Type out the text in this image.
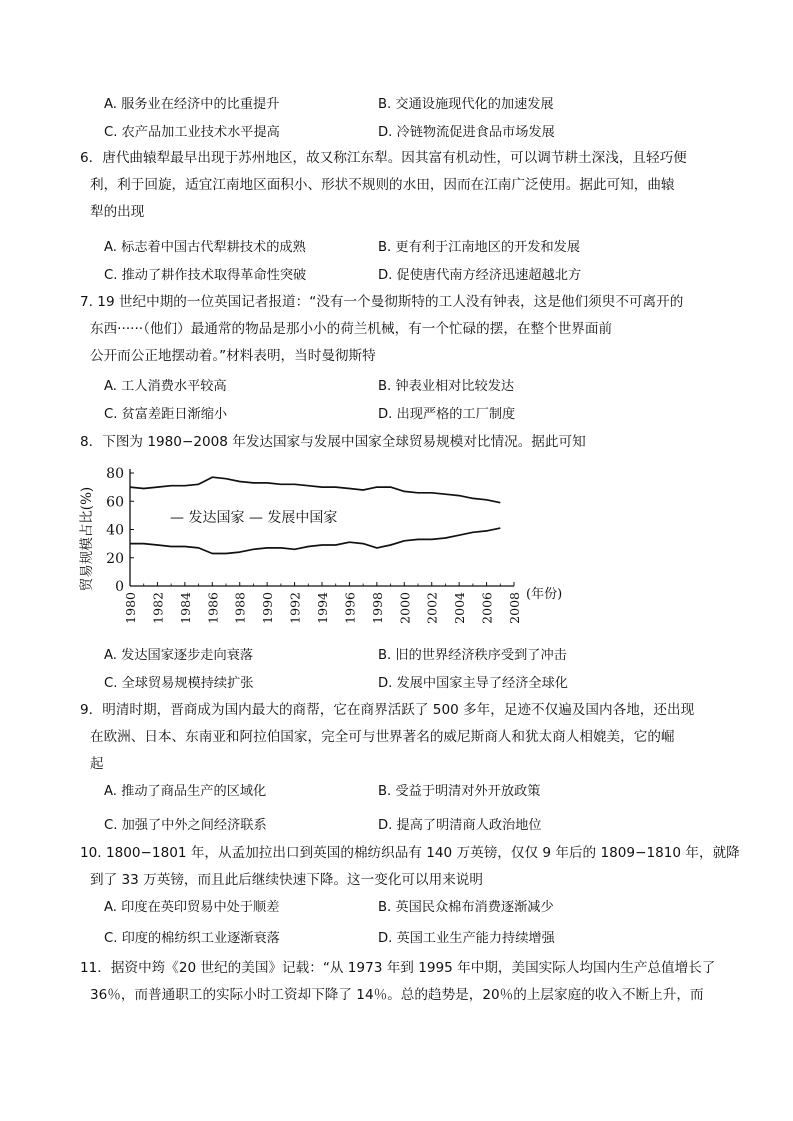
A. 服务业在经济中的比重提升	B. 交通设施现代化的加速发展
C. 农产品加工业技术水平提高	D. 冷链物流促进食品市场发展
6．唐代曲辕犁最早出现于苏州地区，故又称江东犁。因其富有机动性，可以调节耕土深浅，且轻巧便
利，利于回旋，适宜江南地区面积小、形状不规则的水田，因而在江南广泛使用。据此可知，曲辕
犁的出现
A. 标志着中国古代犁耕技术的成熟	B. 更有利于江南地区的开发和发展
C. 推动了耕作技术取得革命性突破	D. 促使唐代南方经济迅速超越北方
7. 19 世纪中期的一位英国记者报道：“没有一个曼彻斯特的工人没有钟表，这是他们须臾不可离开的
东西······（他们）最通常的物品是那小小的荷兰机械，有一个忙碌的摆，在整个世界面前
公开而公正地摆动着。”材料表明，当时曼彻斯特
A. 工人消费水平较高	B. 钟表业相对比较发达
C. 贫富差距日渐缩小	D. 出现严格的工厂制度
8．下图为 1980−2008 年发达国家与发展中国家全球贸易规模对比情况。据此可知
0
20
40
60
80
1980 1982 1984 1986 1988 1990 1992 1994 1996 1998 2000 2002 2004 2006 2008
— 发达国家 — 发展中国家
贸易规模占比(%)
(年份)
A. 发达国家逐步走向衰落	B. 旧的世界经济秩序受到了冲击
C. 全球贸易规模持续扩张	D. 发展中国家主导了经济全球化
9．明清时期，晋商成为国内最大的商帮，它在商界活跃了 500 多年，足迹不仅遍及国内各地，还出现
在欧洲、日本、东南亚和阿拉伯国家，完全可与世界著名的威尼斯商人和犹太商人相媲美，它的崛
起
A. 推动了商品生产的区域化	B. 受益于明清对外开放政策
C. 加强了中外之间经济联系	D. 提高了明清商人政治地位
10. 1800−1801 年，从孟加拉出口到英国的棉纺织品有 140 万英镑，仅仅 9 年后的 1809−1810 年，就降
到了 33 万英镑，而且此后继续快速下降。这一变化可以用来说明
A. 印度在英印贸易中处于顺差	B. 英国民众棉布消费逐渐减少
C. 印度的棉纺织工业逐渐衰落	D. 英国工业生产能力持续增强
11．据资中筠《20 世纪的美国》记载：“从 1973 年到 1995 年中期，美国实际人均国内生产总值增长了
36％，而普通职工的实际小时工资却下降了 14％。总的趋势是，20％的上层家庭的收入不断上升，而
